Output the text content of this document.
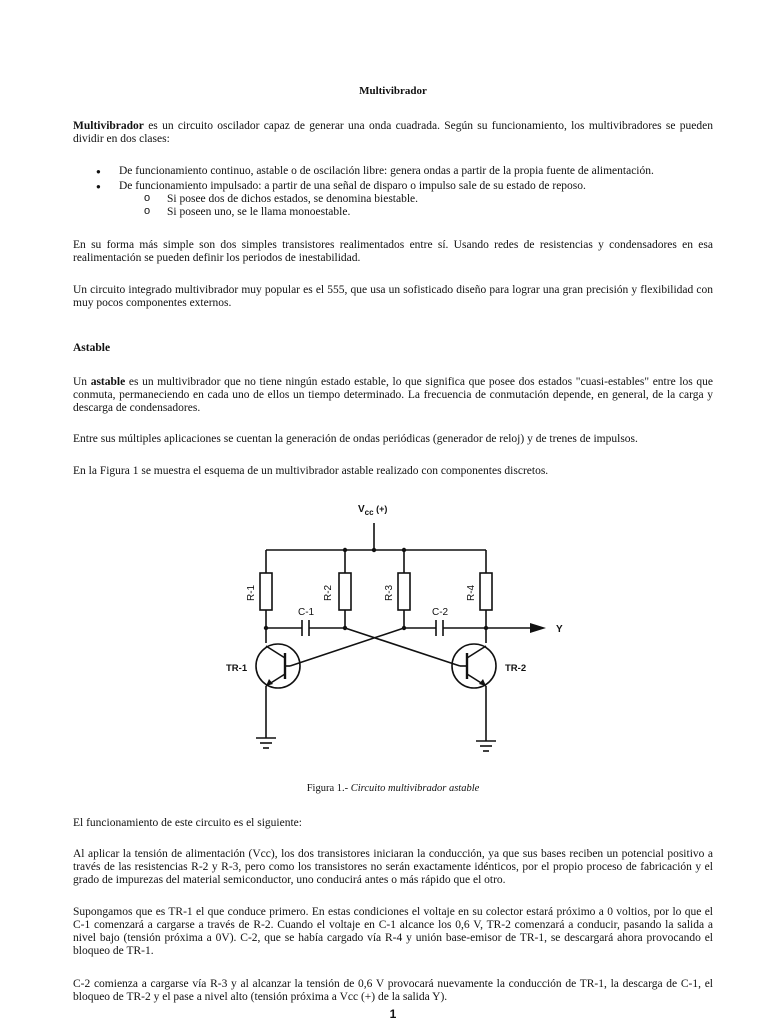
Multivibrador
Multivibrador es un circuito oscilador capaz de generar una onda cuadrada. Según su funcionamiento, los multivibradores se pueden dividir en dos clases:
● De funcionamiento continuo, astable o de oscilación libre: genera ondas a partir de la propia fuente de alimentación.
● De funcionamiento impulsado: a partir de una señal de disparo o impulso sale de su estado de reposo.
o Si posee dos de dichos estados, se denomina biestable.
o Si poseen uno, se le llama monoestable.
En su forma más simple son dos simples transistores realimentados entre sí. Usando redes de resistencias y condensadores en esa realimentación se pueden definir los periodos de inestabilidad.
Un circuito integrado multivibrador muy popular es el 555, que usa un sofisticado diseño para lograr una gran precisión y flexibilidad con muy pocos componentes externos.
Astable
Un astable es un multivibrador que no tiene ningún estado estable, lo que significa que posee dos estados "cuasi-estables" entre los que conmuta, permaneciendo en cada uno de ellos un tiempo determinado. La frecuencia de conmutación depende, en general, de la carga y descarga de condensadores.
Entre sus múltiples aplicaciones se cuentan la generación de ondas periódicas (generador de reloj) y de trenes de impulsos.
En la Figura 1 se muestra el esquema de un multivibrador astable realizado con componentes discretos.
Figura 1.- Circuito multivibrador astable
El funcionamiento de este circuito es el siguiente:
Al aplicar la tensión de alimentación (Vcc), los dos transistores iniciaran la conducción, ya que sus bases reciben un potencial positivo a través de las resistencias R-2 y R-3, pero como los transistores no serán exactamente idénticos, por el propio proceso de fabricación y el grado de impurezas del material semiconductor, uno conducirá antes o más rápido que el otro.
Supongamos que es TR-1 el que conduce primero. En estas condiciones el voltaje en su colector estará próximo a 0 voltios, por lo que el C-1 comenzará a cargarse a través de R-2. Cuando el voltaje en C-1 alcance los 0,6 V, TR-2 comenzará a conducir, pasando la salida a nivel bajo (tensión próxima a 0V). C-2, que se había cargado vía R-4 y unión base-emisor de TR-1, se descargará ahora provocando el bloqueo de TR-1.
C-2 comienza a cargarse vía R-3 y al alcanzar la tensión de 0,6 V provocará nuevamente la conducción de TR-1, la descarga de C-1, el bloqueo de TR-2 y el pase a nivel alto (tensión próxima a Vcc (+) de la salida Y).
1
$V_{cc}$ (+)
R-1	R-2	R-3	R-4
C-1	C-2
TR-1	TR-2
Y
